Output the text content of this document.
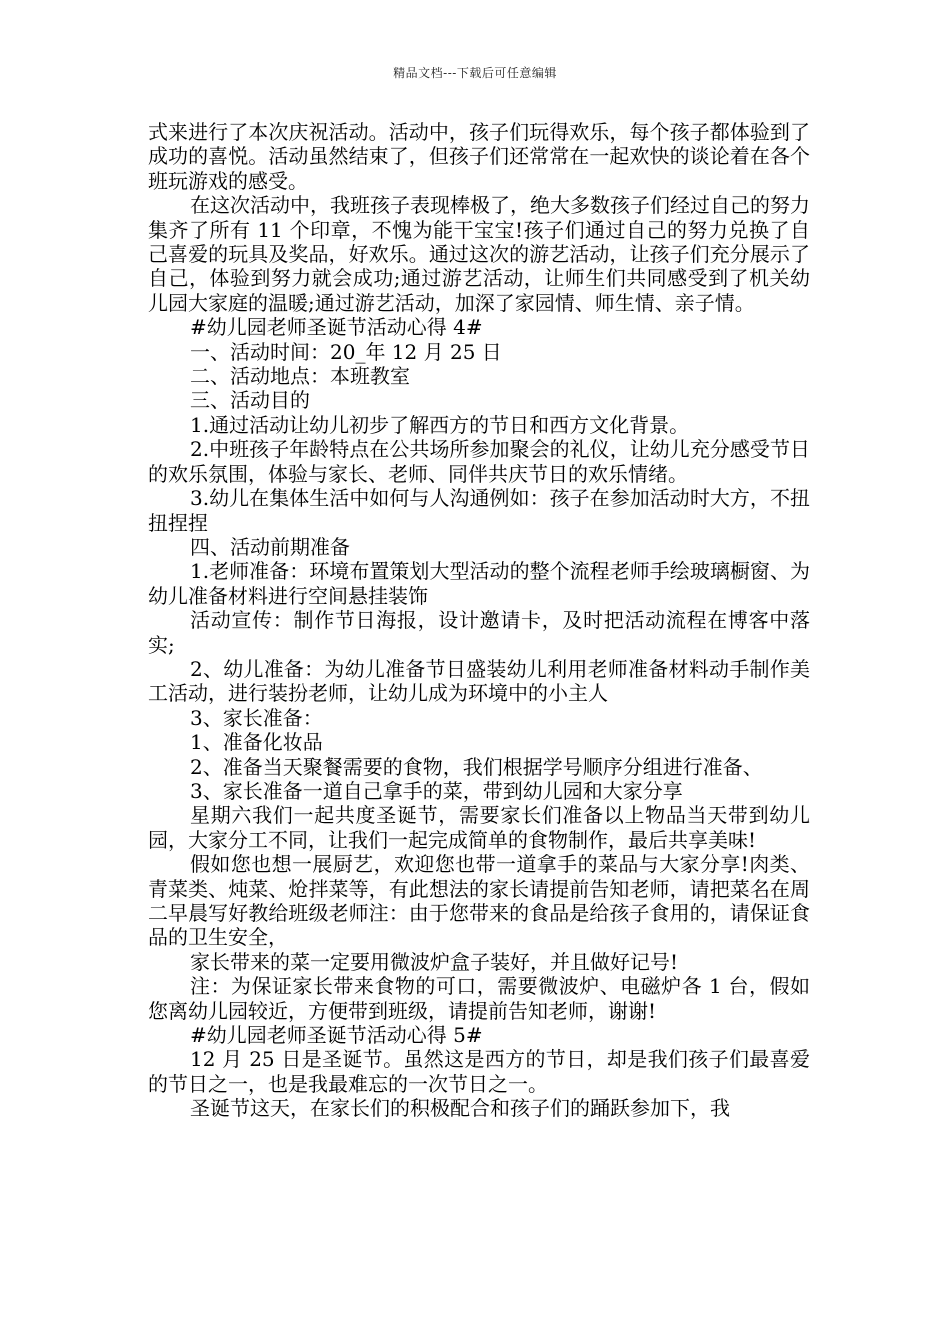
精品文档---下载后可任意编辑

式来进行了本次庆祝活动。活动中，孩子们玩得欢乐，每个孩子都体验到了成功的喜悦。活动虽然结束了，但孩子们还常常在一起欢快的谈论着在各个班玩游戏的感受。

在这次活动中，我班孩子表现棒极了，绝大多数孩子们经过自己的努力集齐了所有 11 个印章，不愧为能干宝宝!孩子们通过自己的努力兑换了自己喜爱的玩具及奖品，好欢乐。通过这次的游艺活动，让孩子们充分展示了自己，体验到努力就会成功;通过游艺活动，让师生们共同感受到了机关幼儿园大家庭的温暖;通过游艺活动，加深了家园情、师生情、亲子情。

#幼儿园老师圣诞节活动心得 4#

一、活动时间：20_年 12 月 25 日

二、活动地点：本班教室

三、活动目的

1.通过活动让幼儿初步了解西方的节日和西方文化背景。

2.中班孩子年龄特点在公共场所参加聚会的礼仪，让幼儿充分感受节日的欢乐氛围，体验与家长、老师、同伴共庆节日的欢乐情绪。

3.幼儿在集体生活中如何与人沟通例如：孩子在参加活动时大方，不扭扭捏捏

四、活动前期准备

1.老师准备：环境布置策划大型活动的整个流程老师手绘玻璃橱窗、为幼儿准备材料进行空间悬挂装饰

活动宣传：制作节日海报，设计邀请卡，及时把活动流程在博客中落实;

2、幼儿准备：为幼儿准备节日盛装幼儿利用老师准备材料动手制作美工活动，进行装扮老师，让幼儿成为环境中的小主人

3、家长准备：

1、准备化妆品

2、准备当天聚餐需要的食物，我们根据学号顺序分组进行准备、

3、家长准备一道自己拿手的菜，带到幼儿园和大家分享

星期六我们一起共度圣诞节，需要家长们准备以上物品当天带到幼儿园，大家分工不同，让我们一起完成简单的食物制作，最后共享美味!

假如您也想一展厨艺，欢迎您也带一道拿手的菜品与大家分享!肉类、青菜类、炖菜、炝拌菜等，有此想法的家长请提前告知老师，请把菜名在周二早晨写好教给班级老师注：由于您带来的食品是给孩子食用的，请保证食品的卫生安全，

家长带来的菜一定要用微波炉盒子装好，并且做好记号!

注：为保证家长带来食物的可口，需要微波炉、电磁炉各 1 台，假如您离幼儿园较近，方便带到班级，请提前告知老师，谢谢!

#幼儿园老师圣诞节活动心得 5#

12 月 25 日是圣诞节。虽然这是西方的节日，却是我们孩子们最喜爱的节日之一，也是我最难忘的一次节日之一。

圣诞节这天，在家长们的积极配合和孩子们的踊跃参加下，我
